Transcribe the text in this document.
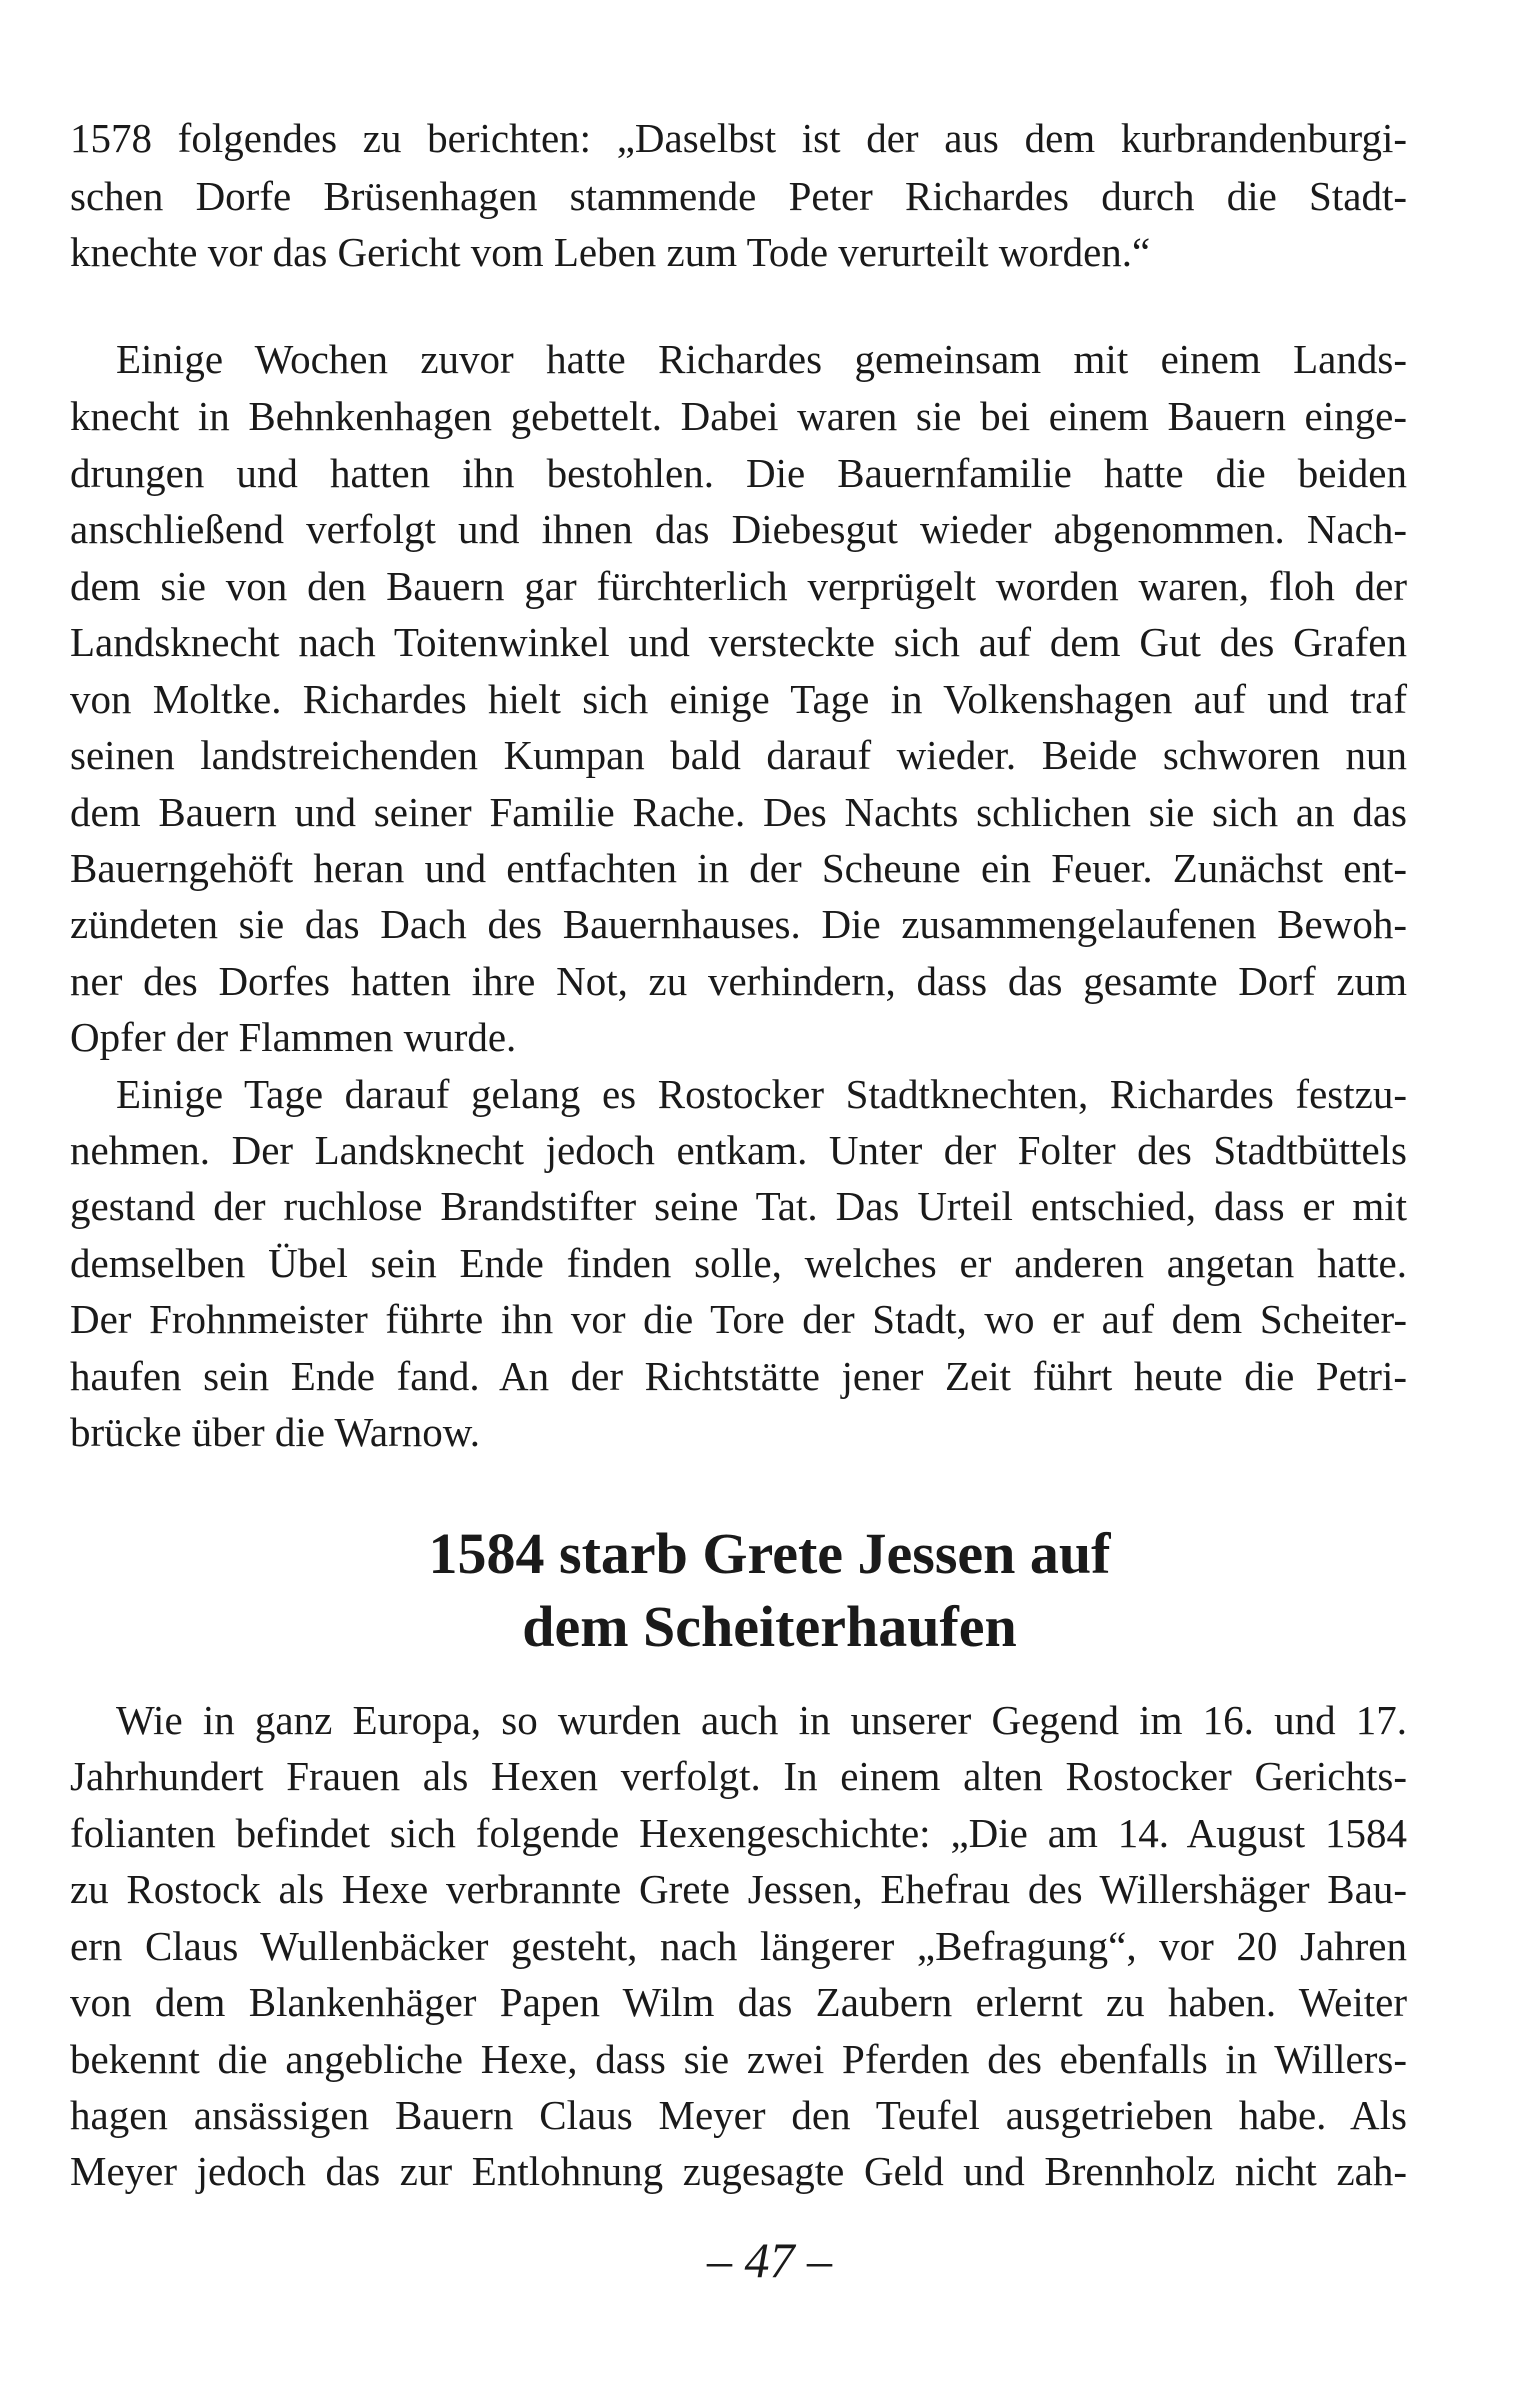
1578 folgendes zu berichten: „Daselbst ist der aus dem kurbrandenburgi-
schen Dorfe Brüsenhagen stammende Peter Richardes durch die Stadt-
knechte vor das Gericht vom Leben zum Tode verurteilt worden.“
Einige Wochen zuvor hatte Richardes gemeinsam mit einem Lands-
knecht in Behnkenhagen gebettelt. Dabei waren sie bei einem Bauern einge-
drungen und hatten ihn bestohlen. Die Bauernfamilie hatte die beiden
anschließend verfolgt und ihnen das Diebesgut wieder abgenommen. Nach-
dem sie von den Bauern gar fürchterlich verprügelt worden waren, floh der
Landsknecht nach Toitenwinkel und versteckte sich auf dem Gut des Grafen
von Moltke. Richardes hielt sich einige Tage in Volkenshagen auf und traf
seinen landstreichenden Kumpan bald darauf wieder. Beide schworen nun
dem Bauern und seiner Familie Rache. Des Nachts schlichen sie sich an das
Bauerngehöft heran und entfachten in der Scheune ein Feuer. Zunächst ent-
zündeten sie das Dach des Bauernhauses. Die zusammengelaufenen Bewoh-
ner des Dorfes hatten ihre Not, zu verhindern, dass das gesamte Dorf zum
Opfer der Flammen wurde.
Einige Tage darauf gelang es Rostocker Stadtknechten, Richardes festzu-
nehmen. Der Landsknecht jedoch entkam. Unter der Folter des Stadtbüttels
gestand der ruchlose Brandstifter seine Tat. Das Urteil entschied, dass er mit
demselben Übel sein Ende finden solle, welches er anderen angetan hatte.
Der Frohnmeister führte ihn vor die Tore der Stadt, wo er auf dem Scheiter-
haufen sein Ende fand. An der Richtstätte jener Zeit führt heute die Petri-
brücke über die Warnow.
1584 starb Grete Jessen auf
dem Scheiterhaufen
Wie in ganz Europa, so wurden auch in unserer Gegend im 16. und 17.
Jahrhundert Frauen als Hexen verfolgt. In einem alten Rostocker Gerichts-
folianten befindet sich folgende Hexengeschichte: „Die am 14. August 1584
zu Rostock als Hexe verbrannte Grete Jessen, Ehefrau des Willershäger Bau-
ern Claus Wullenbäcker gesteht, nach längerer „Befragung“, vor 20 Jahren
von dem Blankenhäger Papen Wilm das Zaubern erlernt zu haben. Weiter
bekennt die angebliche Hexe, dass sie zwei Pferden des ebenfalls in Willers-
hagen ansässigen Bauern Claus Meyer den Teufel ausgetrieben habe. Als
Meyer jedoch das zur Entlohnung zugesagte Geld und Brennholz nicht zah-
– 47 –
